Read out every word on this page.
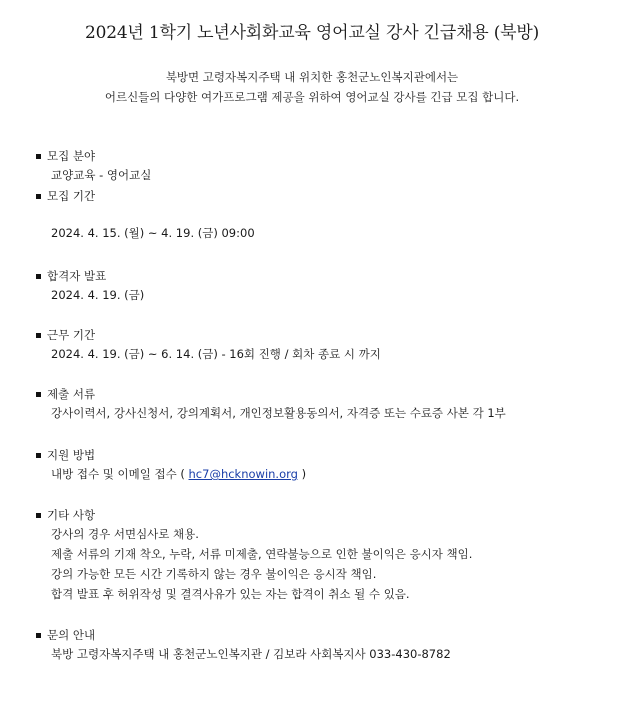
2024년 1학기 노년사회화교육 영어교실 강사 긴급채용 (북방)
북방면 고령자복지주택 내 위치한 홍천군노인복지관에서는
어르신들의 다양한 여가프로그램 제공을 위하여 영어교실 강사를 긴급 모집 합니다.
모집 분야
교양교육 - 영어교실
모집 기간
2024. 4. 15. (월) ~ 4. 19. (금) 09:00
합격자 발표
2024. 4. 19. (금)
근무 기간
2024. 4. 19. (금) ~ 6. 14. (금) - 16회 진행 / 회차 종료 시 까지
제출 서류
강사이력서, 강사신청서, 강의계획서, 개인정보활용동의서, 자격증 또는 수료증 사본 각 1부
지원 방법
내방 접수 및 이메일 접수 ( hc7@hcknowin.org )
기타 사항
강사의 경우 서면심사로 채용.
제출 서류의 기재 착오, 누락, 서류 미제출, 연락불능으로 인한 불이익은 응시자 책임.
강의 가능한 모든 시간 기록하지 않는 경우 불이익은 응시작 책임.
합격 발표 후 허위작성 및 결격사유가 있는 자는 합격이 취소 될 수 있음.
문의 안내
북방 고령자복지주택 내 홍천군노인복지관 / 김보라 사회복지사 033-430-8782
